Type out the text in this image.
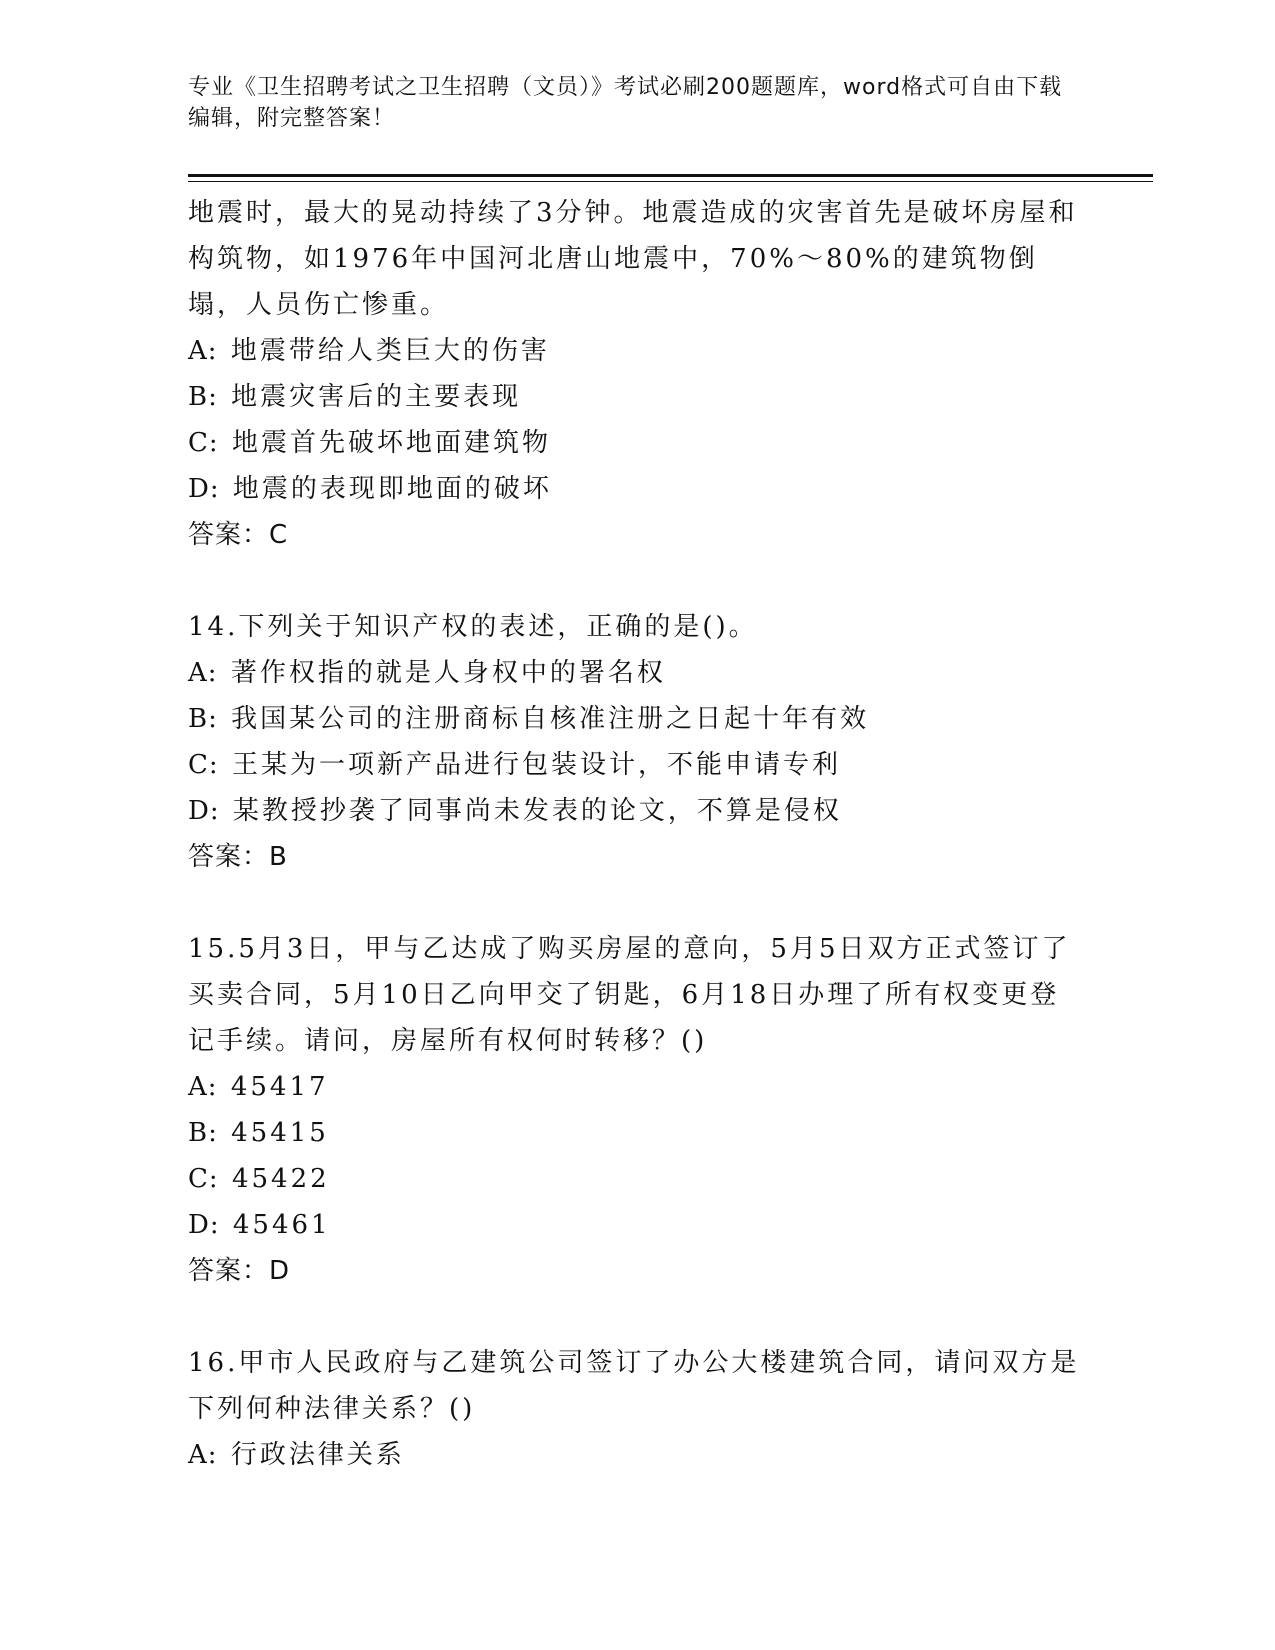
专业《卫生招聘考试之卫生招聘（文员）》考试必刷200题题库，word格式可自由下载编辑，附完整答案！
地震时，最大的晃动持续了3分钟。地震造成的灾害首先是破坏房屋和构筑物，如1976年中国河北唐山地震中，70%～80%的建筑物倒塌，人员伤亡惨重。
A: 地震带给人类巨大的伤害
B: 地震灾害后的主要表现
C: 地震首先破坏地面建筑物
D: 地震的表现即地面的破坏
答案：C
14.下列关于知识产权的表述，正确的是()。
A: 著作权指的就是人身权中的署名权
B: 我国某公司的注册商标自核准注册之日起十年有效
C: 王某为一项新产品进行包装设计，不能申请专利
D: 某教授抄袭了同事尚未发表的论文，不算是侵权
答案：B
15.5月3日，甲与乙达成了购买房屋的意向，5月5日双方正式签订了买卖合同，5月10日乙向甲交了钥匙，6月18日办理了所有权变更登记手续。请问，房屋所有权何时转移？()
A: 45417
B: 45415
C: 45422
D: 45461
答案：D
16.甲市人民政府与乙建筑公司签订了办公大楼建筑合同，请问双方是下列何种法律关系？()
A: 行政法律关系
